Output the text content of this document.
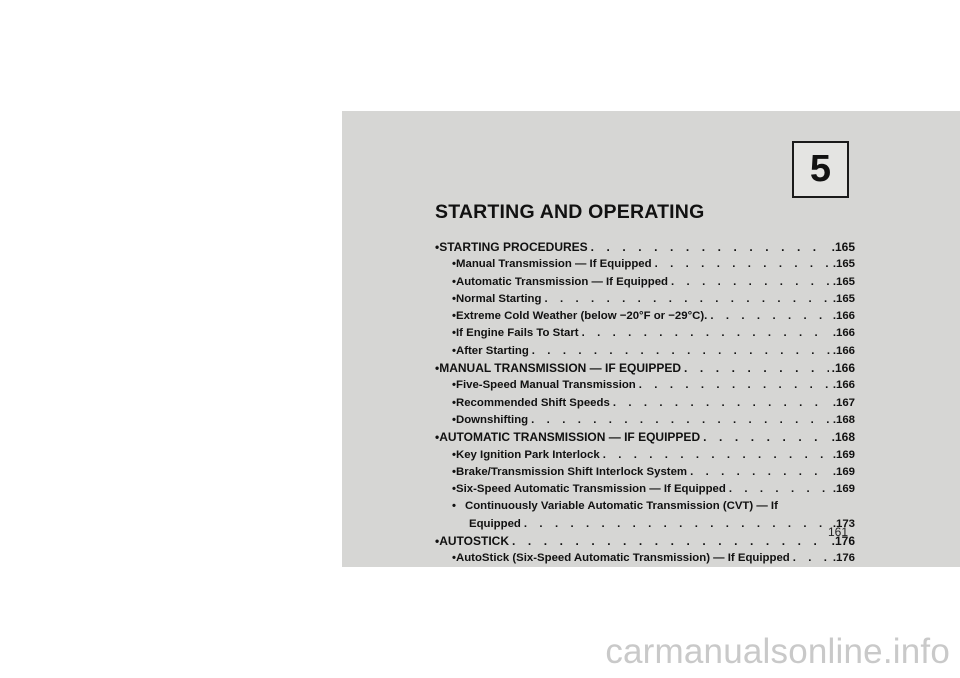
5
STARTING AND OPERATING
• STARTING PROCEDURES . . .	.165
• Manual Transmission — If Equipped . . .	.165
• Automatic Transmission — If Equipped . . .	.165
• Normal Starting . . .	.165
• Extreme Cold Weather (below −20°F or −29°C). . . .	.166
• If Engine Fails To Start . . .	.166
• After Starting . . .	.166
• MANUAL TRANSMISSION — IF EQUIPPED . . .	.166
• Five-Speed Manual Transmission . . .	.166
• Recommended Shift Speeds . . .	.167
• Downshifting . . .	.168
• AUTOMATIC TRANSMISSION — IF EQUIPPED . . .	.168
• Key Ignition Park Interlock . . .	.169
• Brake/Transmission Shift Interlock System . . .	.169
• Six-Speed Automatic Transmission — If Equipped . . .	.169
• Continuously Variable Automatic Transmission (CVT) — If
Equipped . . .	.173
• AUTOSTICK . . .	.176
• AutoStick (Six-Speed Automatic Transmission) — If Equipped . . .	.176
161
carmanualsonline.info
